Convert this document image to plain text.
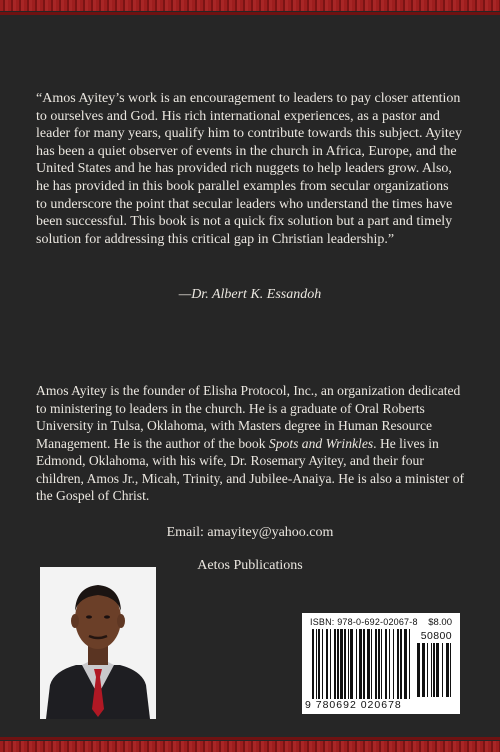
“Amos Ayitey’s work is an encouragement to leaders to pay closer attention to ourselves and God. His rich international experiences, as a pastor and leader for many years, qualify him to contribute towards this subject. Ayitey has been a quiet observer of events in the church in Africa, Europe, and the United States and he has provided rich nuggets to help leaders grow. Also, he has provided in this book parallel examples from secular organizations to underscore the point that secular leaders who understand the times have been successful. This book is not a quick fix solution but a part and timely solution for addressing this critical gap in Christian leadership.”

—Dr. Albert K. Essandoh

Amos Ayitey is the founder of Elisha Protocol, Inc., an organization dedicated to ministering to leaders in the church. He is a graduate of Oral Roberts University in Tulsa, Oklahoma, with Masters degree in Human Resource Management. He is the author of the book Spots and Wrinkles. He lives in Edmond, Oklahoma, with his wife, Dr. Rosemary Ayitey, and their four children, Amos Jr., Micah, Trinity, and Jubilee-Anaiya. He is also a minister of the Gospel of Christ.

Email: amayitey@yahoo.com
Aetos Publications
ISBN: 978-0-692-02067-8 $8.00
50800
9 780692 020678
